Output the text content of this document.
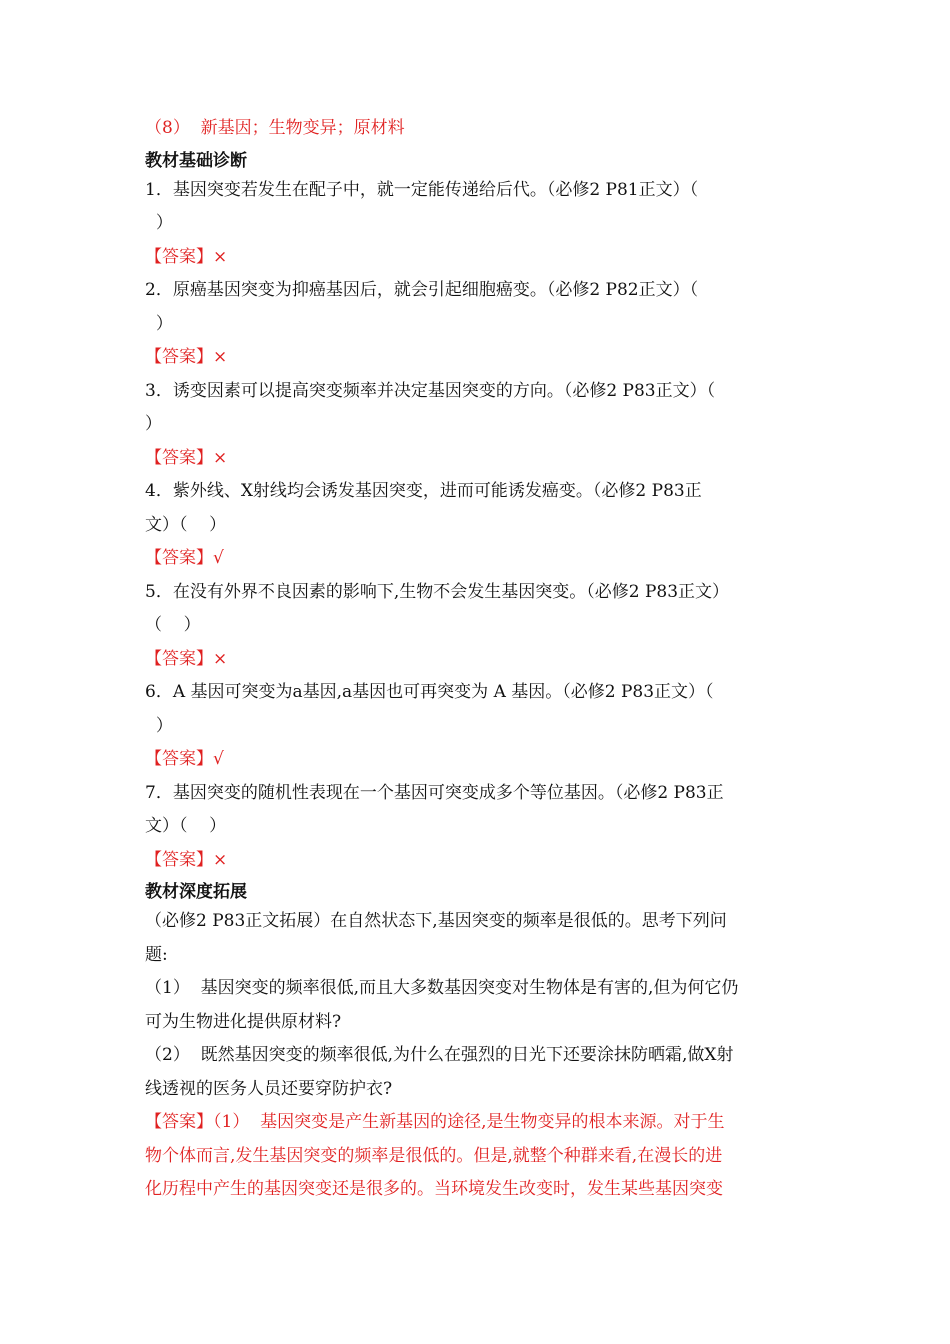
（8）  新基因；生物变异；原材料
教材基础诊断
1．基因突变若发生在配子中，就一定能传递给后代。（必修2 P81正文）（
）
【答案】×
2．原癌基因突变为抑癌基因后，就会引起细胞癌变。（必修2 P82正文）（
）
【答案】×
3．诱变因素可以提高突变频率并决定基因突变的方向。（必修2 P83正文）（
）
【答案】×
4．紫外线、X射线均会诱发基因突变，进而可能诱发癌变。（必修2 P83正
文）（    ）
【答案】√
5．在没有外界不良因素的影响下,生物不会发生基因突变。（必修2 P83正文）
（    ）
【答案】×
6．A 基因可突变为a基因,a基因也可再突变为 A 基因。（必修2 P83正文）（
）
【答案】√
7．基因突变的随机性表现在一个基因可突变成多个等位基因。（必修2 P83正
文）（    ）
【答案】×
教材深度拓展
（必修2 P83正文拓展）在自然状态下,基因突变的频率是很低的。思考下列问
题:
（1）  基因突变的频率很低,而且大多数基因突变对生物体是有害的,但为何它仍
可为生物进化提供原材料?
（2）  既然基因突变的频率很低,为什么在强烈的日光下还要涂抹防晒霜,做X射
线透视的医务人员还要穿防护衣?
【答案】（1）  基因突变是产生新基因的途径,是生物变异的根本来源。对于生
物个体而言,发生基因突变的频率是很低的。但是,就整个种群来看,在漫长的进
化历程中产生的基因突变还是很多的。当环境发生改变时，发生某些基因突变
